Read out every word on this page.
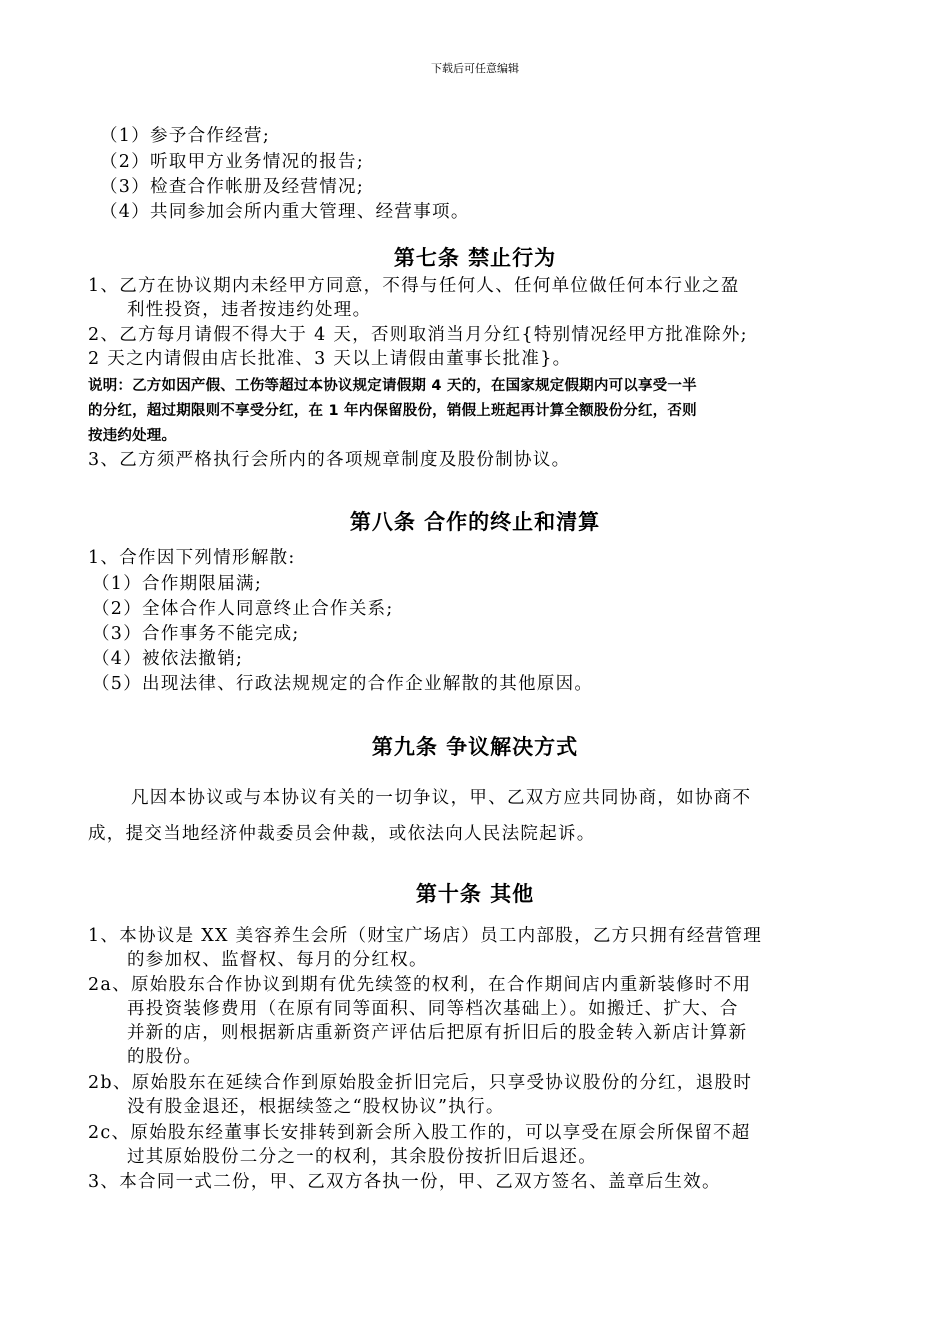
下载后可任意编辑
（1）参予合作经营;
（2）听取甲方业务情况的报告;
（3）检查合作帐册及经营情况;
（4）共同参加会所内重大管理、经营事项。
第七条 禁止行为
1、乙方在协议期内未经甲方同意，不得与任何人、任何单位做任何本行业之盈
利性投资，违者按违约处理。
2、乙方每月请假不得大于 4 天，否则取消当月分红{特别情况经甲方批准除外;
2 天之内请假由店长批准、3 天以上请假由董事长批准}。
说明：乙方如因产假、工伤等超过本协议规定请假期 4 天的，在国家规定假期内可以享受一半
的分红，超过期限则不享受分红，在 1 年内保留股份，销假上班起再计算全额股份分红，否则
按违约处理。
3、乙方须严格执行会所内的各项规章制度及股份制协议。
第八条 合作的终止和清算
1、合作因下列情形解散:
（1）合作期限届满;
（2）全体合作人同意终止合作关系;
（3）合作事务不能完成;
（4）被依法撤销;
（5）出现法律、行政法规规定的合作企业解散的其他原因。
第九条 争议解决方式
凡因本协议或与本协议有关的一切争议，甲、乙双方应共同协商，如协商不
成，提交当地经济仲裁委员会仲裁，或依法向人民法院起诉。
第十条 其他
1、本协议是 XX 美容养生会所（财宝广场店）员工内部股，乙方只拥有经营管理
的参加权、监督权、每月的分红权。
2a、原始股东合作协议到期有优先续签的权利，在合作期间店内重新装修时不用
再投资装修费用（在原有同等面积、同等档次基础上）。如搬迁、扩大、合
并新的店，则根据新店重新资产评估后把原有折旧后的股金转入新店计算新
的股份。
2b、原始股东在延续合作到原始股金折旧完后，只享受协议股份的分红，退股时
没有股金退还，根据续签之“股权协议”执行。
2c、原始股东经董事长安排转到新会所入股工作的，可以享受在原会所保留不超
过其原始股份二分之一的权利，其余股份按折旧后退还。
3、本合同一式二份，甲、乙双方各执一份，甲、乙双方签名、盖章后生效。
